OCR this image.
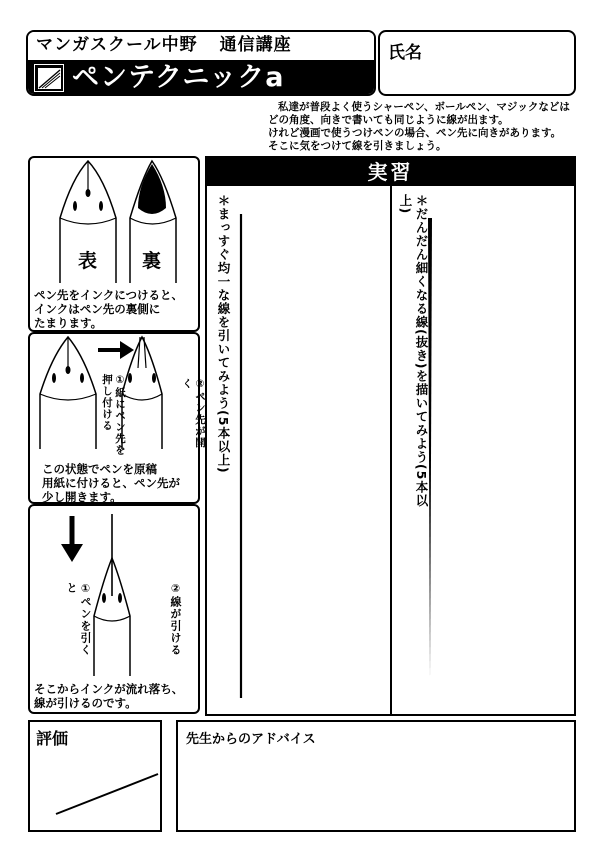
マンガスクール中野 通信講座
ペンテクニックa
氏名
私達が普段よく使うシャーペン、ボールペン、マジックなどは
どの角度、向きで書いても同じように線が出ます。
けれど漫画で使うつけペンの場合、ペン先に向きがあります。
そこに気をつけて線を引きましょう。
表 裏
ペン先をインクにつけると、
インクはペン先の裏側に
たまります。
①紙にペン先を
押し付ける	②ペン先が開く
この状態でペンを原稿
用紙に付けると、ペン先が
少し開きます。
①ペンを引くと	②線が引ける
そこからインクが流れ落ち、
線が引けるのです。
実習
＊まっすぐ均一な線を引いてみよう(5本以上)	＊だんだん細くなる線(抜き)を描いてみよう(5本以上)
評価	先生からのアドバイス
